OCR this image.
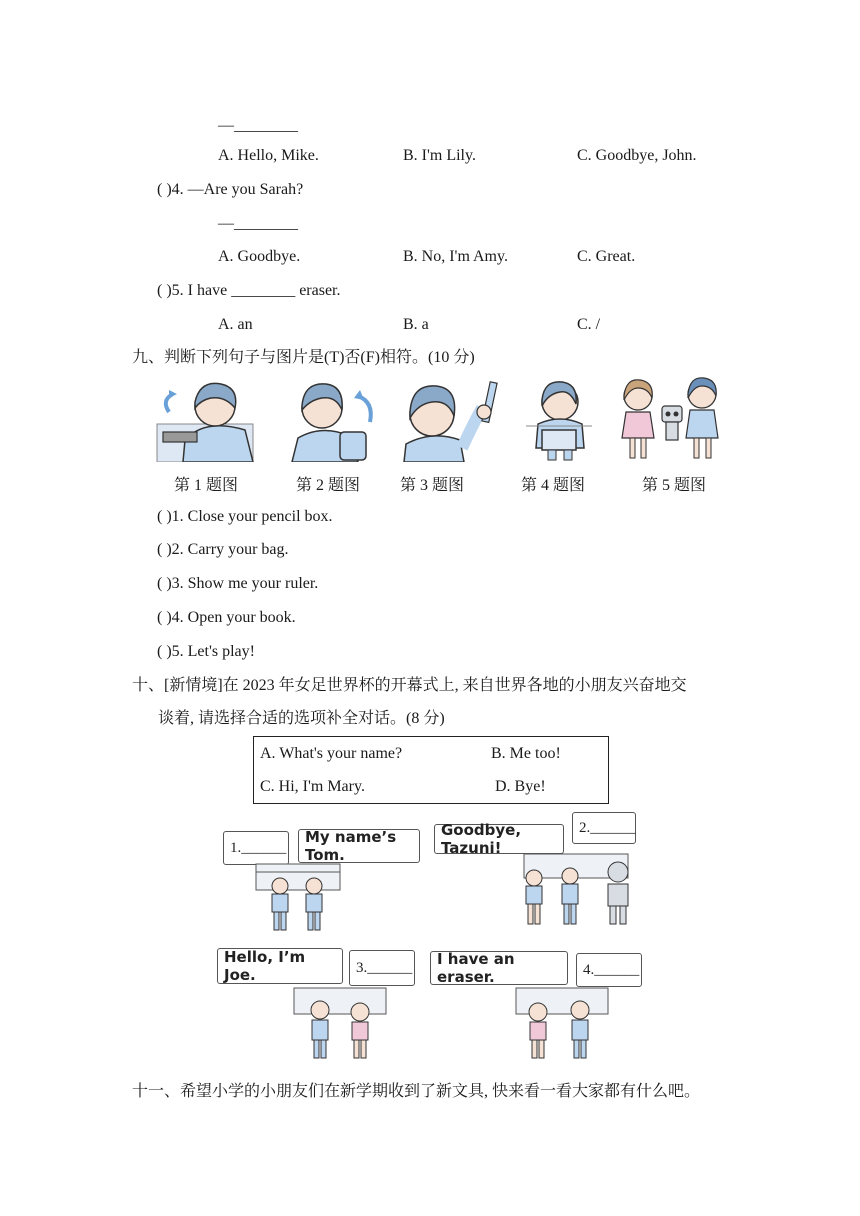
—________
A. Hello, Mike.	B. I'm Lily.	C. Goodbye, John.
( )4. —Are you Sarah?
—________
A. Goodbye.	B. No, I'm Amy.	C. Great.
( )5. I have ________ eraser.
A. an	B. a	C. /
九、判断下列句子与图片是(T)否(F)相符。(10 分)
第 1 题图	第 2 题图 第 3 题图	第 4 题图	第 5 题图
( )1. Close your pencil box.
( )2. Carry your bag.
( )3. Show me your ruler.
( )4. Open your book.
( )5. Let's play!
十、[新情境]在 2023 年女足世界杯的开幕式上, 来自世界各地的小朋友兴奋地交
谈着, 请选择合适的选项补全对话。(8 分)
A. What's your name?	B. Me too!
C. Hi, I'm Mary.	D. Bye!
1.______
My name’s Tom.
Goodbye, Tazuni!
2.______
Hello, I’m Joe.	3.______ I have an eraser.	4.______
十一、希望小学的小朋友们在新学期收到了新文具, 快来看一看大家都有什么吧。
